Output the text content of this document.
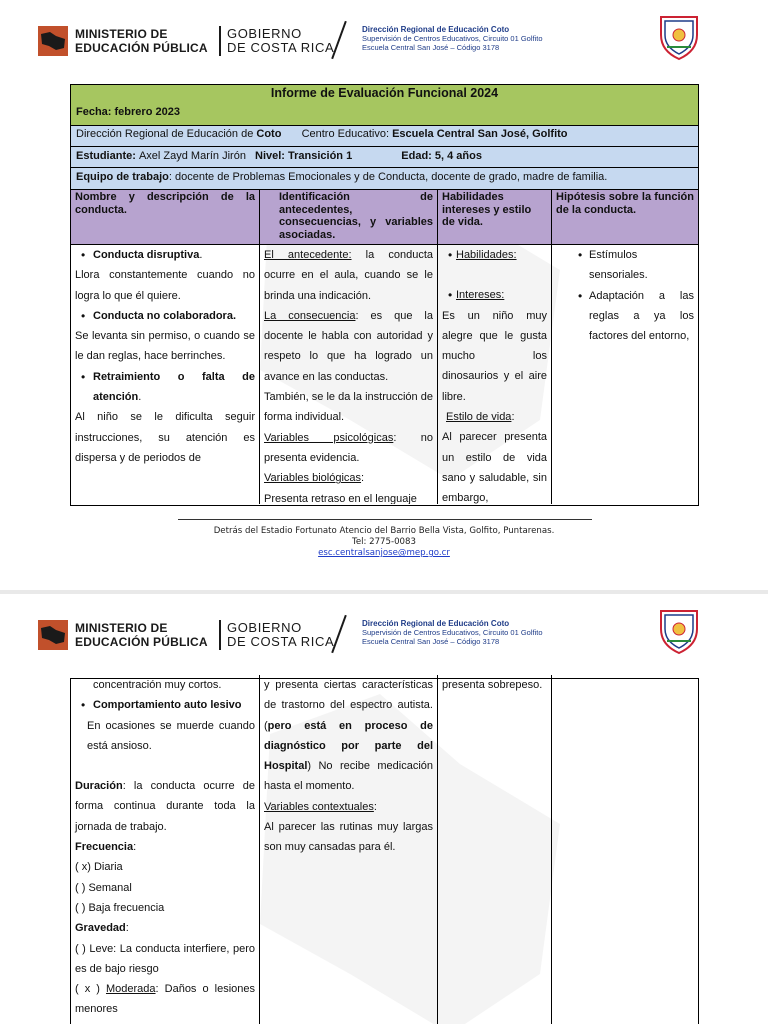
MINISTERIO DE
EDUCACIÓN PÚBLICA
GOBIERNO
DE COSTA RICA
Dirección Regional de Educación Coto
Supervisión de Centros Educativos, Circuito 01 Golfito
Escuela Central San José – Código 3178
Informe de Evaluación Funcional 2024
Fecha: febrero 2023
Dirección Regional de Educación de Coto Centro Educativo: Escuela Central San José, Golfito
Estudiante: Axel Zayd Marín Jirón Nivel: Transición 1	Edad: 5, 4 años
Equipo de trabajo: docente de Problemas Emocionales y de Conducta, docente de grado, madre de familia.
Nombre y descripción de la conducta.
Identificación de antecedentes, consecuencias, y variables asociadas.
Habilidades intereses y estilo de vida.
Hipótesis sobre la función de la conducta.
• Conducta disruptiva.
Llora constantemente cuando no logra lo que él quiere.
• Conducta no colaboradora.
Se levanta sin permiso, o cuando se le dan reglas, hace berrinches.
• Retraimiento o falta de atención.
Al niño se le dificulta seguir instrucciones, su atención es dispersa y de periodos de
El antecedente: la conducta ocurre en el aula, cuando se le brinda una indicación.
La consecuencia: es que la docente le habla con autoridad y respeto lo que ha logrado un avance en las conductas.
También, se le da la instrucción de forma individual.
Variables psicológicas: no presenta evidencia.
Variables biológicas:
Presenta retraso en el lenguaje
• Habilidades:
• Intereses:
Es un niño muy alegre que le gusta mucho los dinosaurios y el aire libre.
Estilo de vida:
Al parecer presenta un estilo de vida sano y saludable, sin embargo,
• Estímulos sensoriales.
• Adaptación a las reglas a ya los factores del entorno,
Detrás del Estadio Fortunato Atencio del Barrio Bella Vista, Golfito, Puntarenas.
Tel: 2775-0083
esc.centralsanjose@mep.go.cr
MINISTERIO DE
EDUCACIÓN PÚBLICA
GOBIERNO
DE COSTA RICA
Dirección Regional de Educación Coto
Supervisión de Centros Educativos, Circuito 01 Golfito
Escuela Central San José – Código 3178
concentración muy cortos.
• Comportamiento auto lesivo
En ocasiones se muerde cuando está ansioso.
Duración: la conducta ocurre de forma continua durante toda la jornada de trabajo.
Frecuencia:
( x) Diaria
( ) Semanal
( ) Baja frecuencia
Gravedad:
( ) Leve: La conducta interfiere, pero es de bajo riesgo
( x ) Moderada: Daños o lesiones menores
y presenta ciertas características de trastorno del espectro autista. (pero está en proceso de diagnóstico por parte del Hospital) No recibe medicación hasta el momento.
Variables contextuales:
Al parecer las rutinas muy largas son muy cansadas para él.
presenta sobrepeso.
